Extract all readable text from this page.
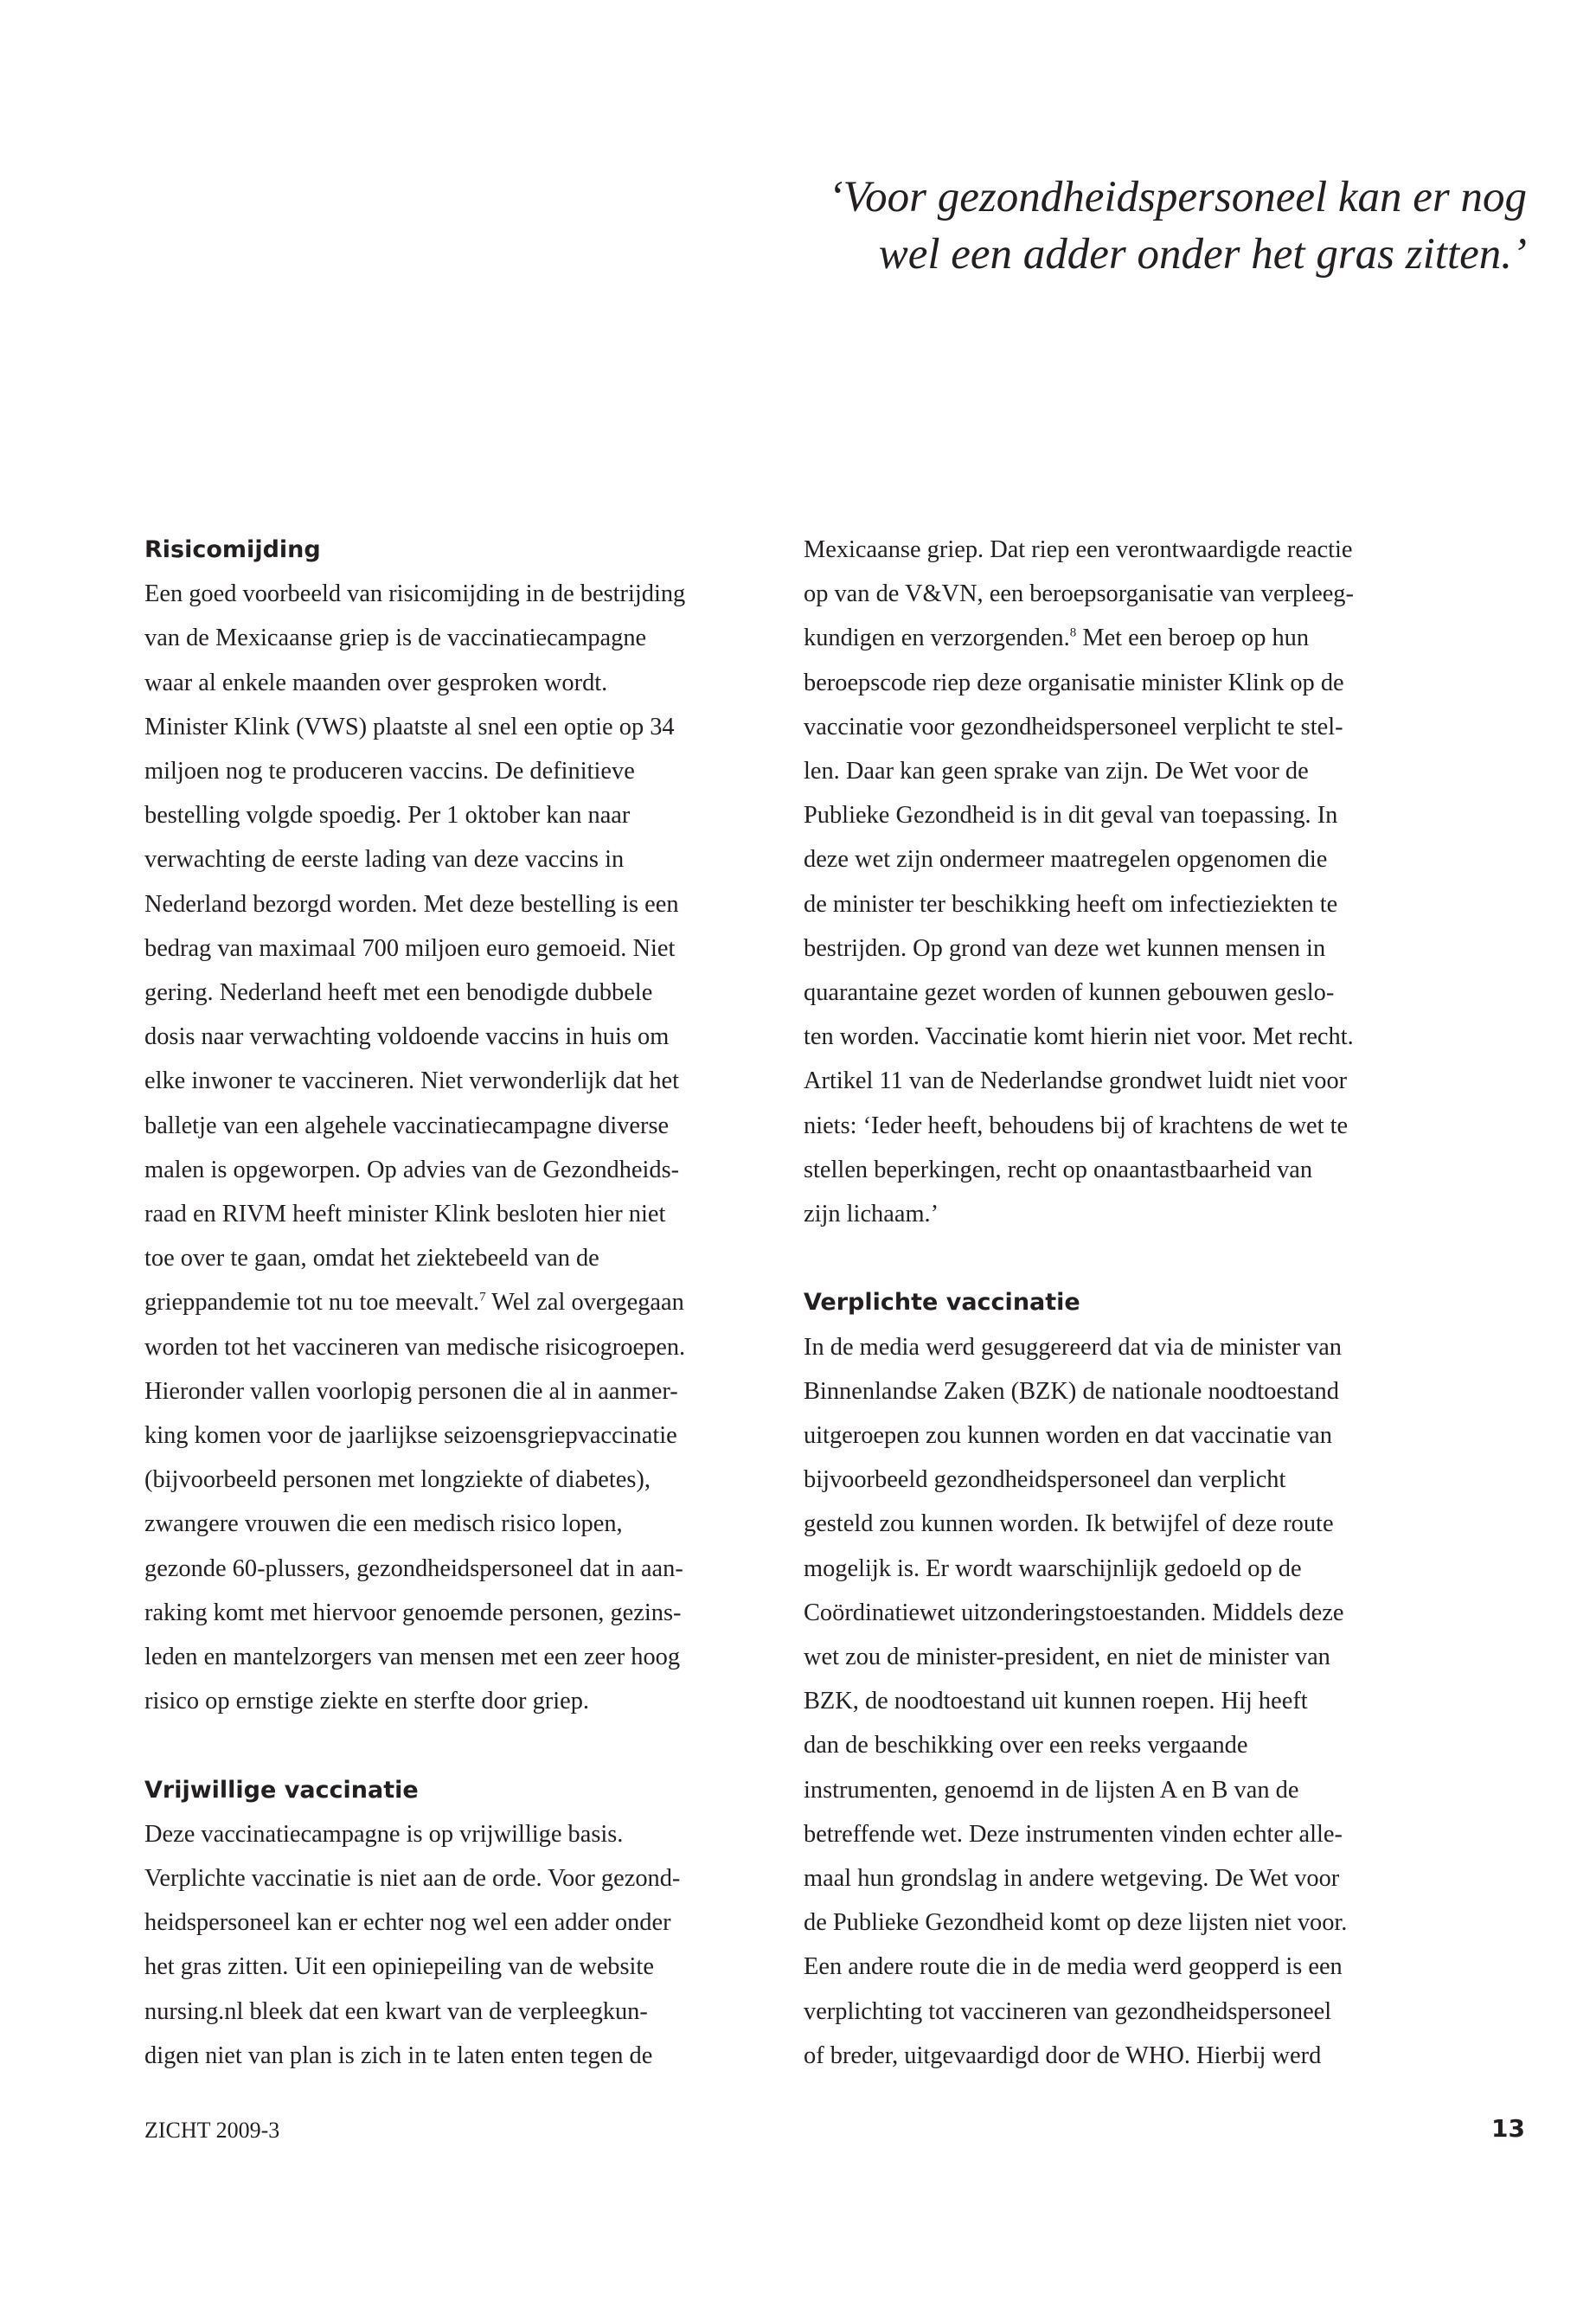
‘Voor gezondheidspersoneel kan er nog
wel een adder onder het gras zitten.’
Risicomijding

Een goed voorbeeld van risicomijding in de bestrijding
van de Mexicaanse griep is de vaccinatiecampagne
waar al enkele maanden over gesproken wordt.
Minister Klink (VWS) plaatste al snel een optie op 34
miljoen nog te produceren vaccins. De definitieve
bestelling volgde spoedig. Per 1 oktober kan naar
verwachting de eerste lading van deze vaccins in
Nederland bezorgd worden. Met deze bestelling is een
bedrag van maximaal 700 miljoen euro gemoeid. Niet
gering. Nederland heeft met een benodigde dubbele
dosis naar verwachting voldoende vaccins in huis om
elke inwoner te vaccineren. Niet verwonderlijk dat het
balletje van een algehele vaccinatiecampagne diverse
malen is opgeworpen. Op advies van de Gezondheids-
raad en RIVM heeft minister Klink besloten hier niet
toe over te gaan, omdat het ziektebeeld van de
grieppandemie tot nu toe meevalt.$^7$ Wel zal overgegaan
worden tot het vaccineren van medische risicogroepen.
Hieronder vallen voorlopig personen die al in aanmer-
king komen voor de jaarlijkse seizoensgriepvaccinatie
(bijvoorbeeld personen met longziekte of diabetes),
zwangere vrouwen die een medisch risico lopen,
gezonde 60-plussers, gezondheidspersoneel dat in aan-
raking komt met hiervoor genoemde personen, gezins-
leden en mantelzorgers van mensen met een zeer hoog
risico op ernstige ziekte en sterfte door griep.

Vrijwillige vaccinatie

Deze vaccinatiecampagne is op vrijwillige basis.
Verplichte vaccinatie is niet aan de orde. Voor gezond-
heidspersoneel kan er echter nog wel een adder onder
het gras zitten. Uit een opiniepeiling van de website
nursing.nl bleek dat een kwart van de verpleegkun-
digen niet van plan is zich in te laten enten tegen de

Mexicaanse griep. Dat riep een verontwaardigde reactie
op van de V&VN, een beroepsorganisatie van verpleeg-
kundigen en verzorgenden.$^8$ Met een beroep op hun
beroepscode riep deze organisatie minister Klink op de
vaccinatie voor gezondheidspersoneel verplicht te stel-
len. Daar kan geen sprake van zijn. De Wet voor de
Publieke Gezondheid is in dit geval van toepassing. In
deze wet zijn ondermeer maatregelen opgenomen die
de minister ter beschikking heeft om infectieziekten te
bestrijden. Op grond van deze wet kunnen mensen in
quarantaine gezet worden of kunnen gebouwen geslo-
ten worden. Vaccinatie komt hierin niet voor. Met recht.
Artikel 11 van de Nederlandse grondwet luidt niet voor
niets: ‘Ieder heeft, behoudens bij of krachtens de wet te
stellen beperkingen, recht op onaantastbaarheid van
zijn lichaam.’

Verplichte vaccinatie

In de media werd gesuggereerd dat via de minister van
Binnenlandse Zaken (BZK) de nationale noodtoestand
uitgeroepen zou kunnen worden en dat vaccinatie van
bijvoorbeeld gezondheidspersoneel dan verplicht
gesteld zou kunnen worden. Ik betwijfel of deze route
mogelijk is. Er wordt waarschijnlijk gedoeld op de
Coördinatiewet uitzonderingstoestanden. Middels deze
wet zou de minister-president, en niet de minister van
BZK, de noodtoestand uit kunnen roepen. Hij heeft
dan de beschikking over een reeks vergaande
instrumenten, genoemd in de lijsten A en B van de
betreffende wet. Deze instrumenten vinden echter alle-
maal hun grondslag in andere wetgeving. De Wet voor
de Publieke Gezondheid komt op deze lijsten niet voor.
Een andere route die in de media werd geopperd is een
verplichting tot vaccineren van gezondheidspersoneel
of breder, uitgevaardigd door de WHO. Hierbij werd

ZICHT 2009-3	13
